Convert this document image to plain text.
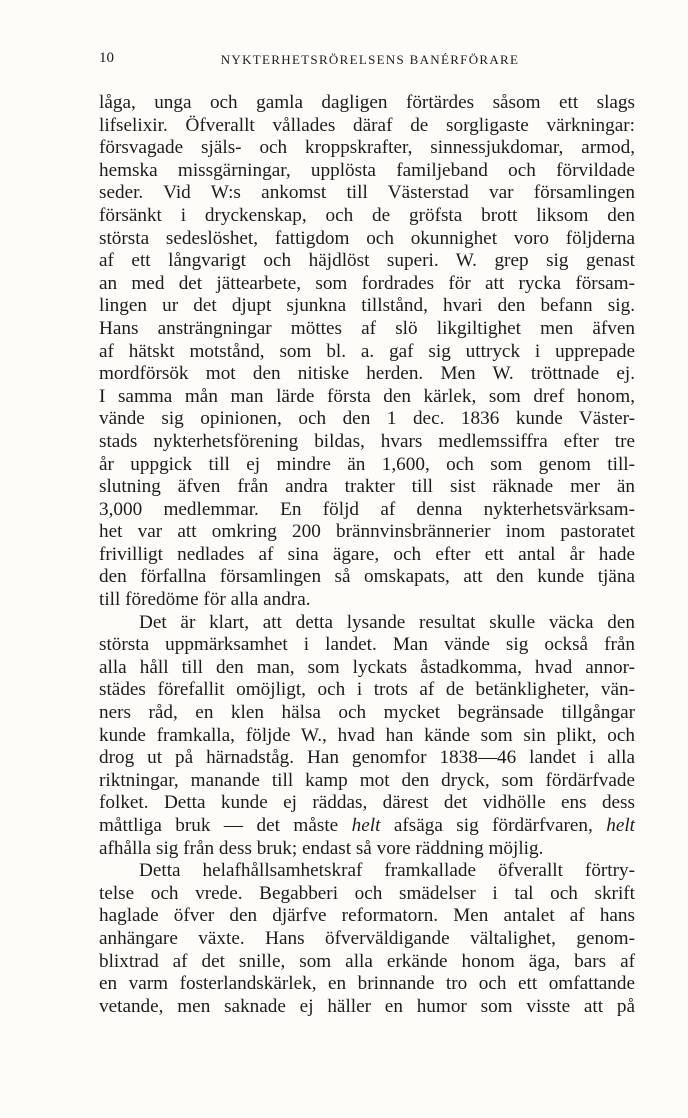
10	NYKTERHETSRÖRELSENS BANÉRFÖRARE
låga, unga och gamla dagligen förtärdes såsom ett slags
lifselixir. Öfverallt vållades däraf de sorgligaste värkningar:
försvagade själs- och kroppskrafter, sinnessjukdomar, armod,
hemska missgärningar, upplösta familjeband och förvildade
seder. Vid W:s ankomst till Västerstad var församlingen
försänkt i dryckenskap, och de gröfsta brott liksom den
största sedeslöshet, fattigdom och okunnighet voro följderna
af ett långvarigt och häjdlöst superi. W. grep sig genast
an med det jättearbete, som fordrades för att rycka försam-
lingen ur det djupt sjunkna tillstånd, hvari den befann sig.
Hans ansträngningar möttes af slö likgiltighet men äfven
af hätskt motstånd, som bl. a. gaf sig uttryck i upprepade
mordförsök mot den nitiske herden. Men W. tröttnade ej.
I samma mån man lärde första den kärlek, som dref honom,
vände sig opinionen, och den 1 dec. 1836 kunde Väster-
stads nykterhetsförening bildas, hvars medlemssiffra efter tre
år uppgick till ej mindre än 1,600, och som genom till-
slutning äfven från andra trakter till sist räknade mer än
3,000 medlemmar. En följd af denna nykterhetsvärksam-
het var att omkring 200 brännvinsbrännerier inom pastoratet
frivilligt nedlades af sina ägare, och efter ett antal år hade
den förfallna församlingen så omskapats, att den kunde tjäna
till föredöme för alla andra.
Det är klart, att detta lysande resultat skulle väcka den
största uppmärksamhet i landet. Man vände sig också från
alla håll till den man, som lyckats åstadkomma, hvad annor-
städes förefallit omöjligt, och i trots af de betänkligheter, vän-
ners råd, en klen hälsa och mycket begränsade tillgångar
kunde framkalla, följde W., hvad han kände som sin plikt, och
drog ut på härnadståg. Han genomfor 1838—46 landet i alla
riktningar, manande till kamp mot den dryck, som fördärfvade
folket. Detta kunde ej räddas, därest det vidhölle ens dess
måttliga bruk — det måste helt afsäga sig fördärfvaren, helt
afhålla sig från dess bruk; endast så vore räddning möjlig.
Detta helafhållsamhetskraf framkallade öfverallt förtry-
telse och vrede. Begabberi och smädelser i tal och skrift
haglade öfver den djärfve reformatorn. Men antalet af hans
anhängare växte. Hans öfverväldigande vältalighet, genom-
blixtrad af det snille, som alla erkände honom äga, bars af
en varm fosterlandskärlek, en brinnande tro och ett omfattande
vetande, men saknade ej häller en humor som visste att på
